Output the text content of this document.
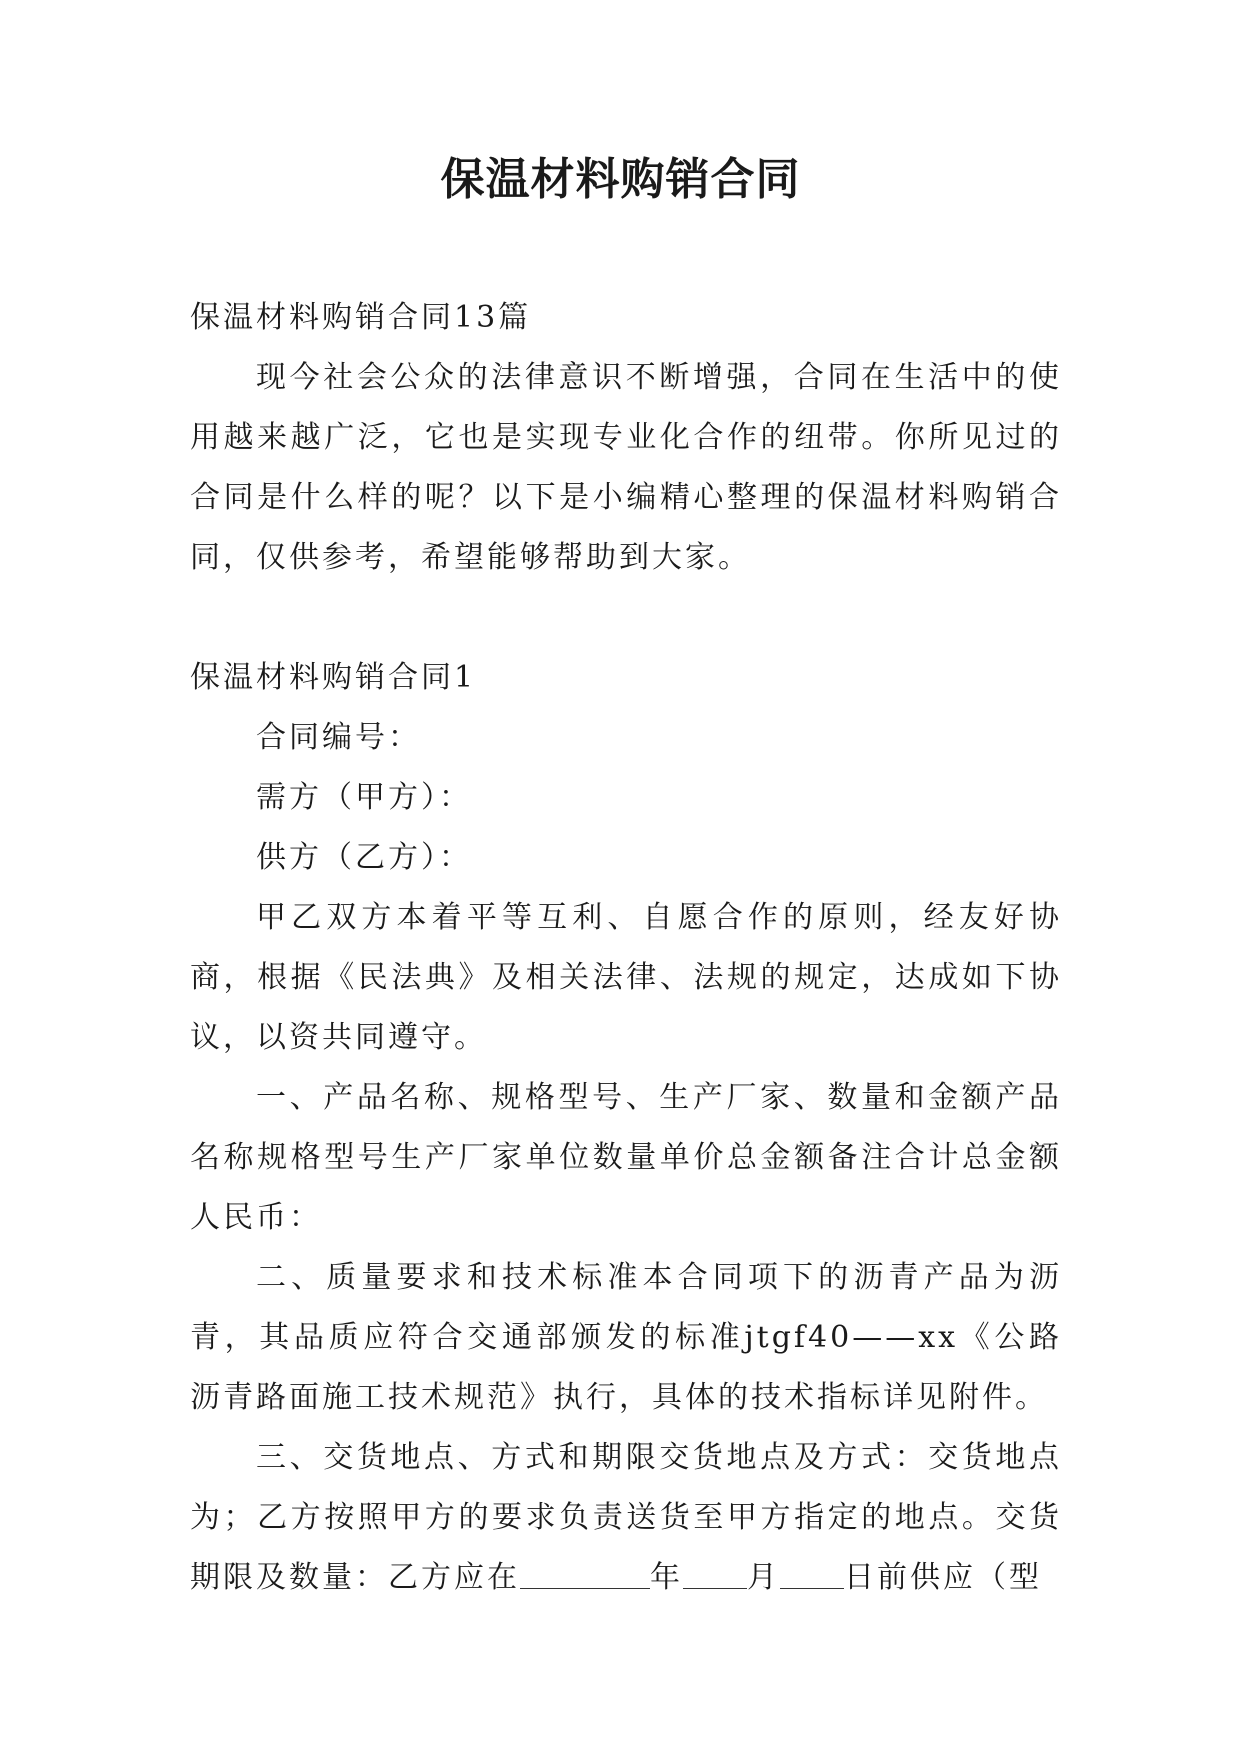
保温材料购销合同

保温材料购销合同13篇

现今社会公众的法律意识不断增强，合同在生活中的使用越来越广泛，它也是实现专业化合作的纽带。你所见过的合同是什么样的呢？以下是小编精心整理的保温材料购销合同，仅供参考，希望能够帮助到大家。

保温材料购销合同1

合同编号：

需方（甲方）：

供方（乙方）：

甲乙双方本着平等互利、自愿合作的原则，经友好协商，根据《民法典》及相关法律、法规的规定，达成如下协议，以资共同遵守。

一、产品名称、规格型号、生产厂家、数量和金额产品名称规格型号生产厂家单位数量单价总金额备注合计总金额人民币：

二、质量要求和技术标准本合同项下的沥青产品为沥青，其品质应符合交通部颁发的标准jtgf40——xx《公路沥青路面施工技术规范》执行，具体的技术指标详见附件。

三、交货地点、方式和期限交货地点及方式：交货地点为；乙方按照甲方的要求负责送货至甲方指定的地点。交货期限及数量：乙方应在	年 月 日前供应（型
